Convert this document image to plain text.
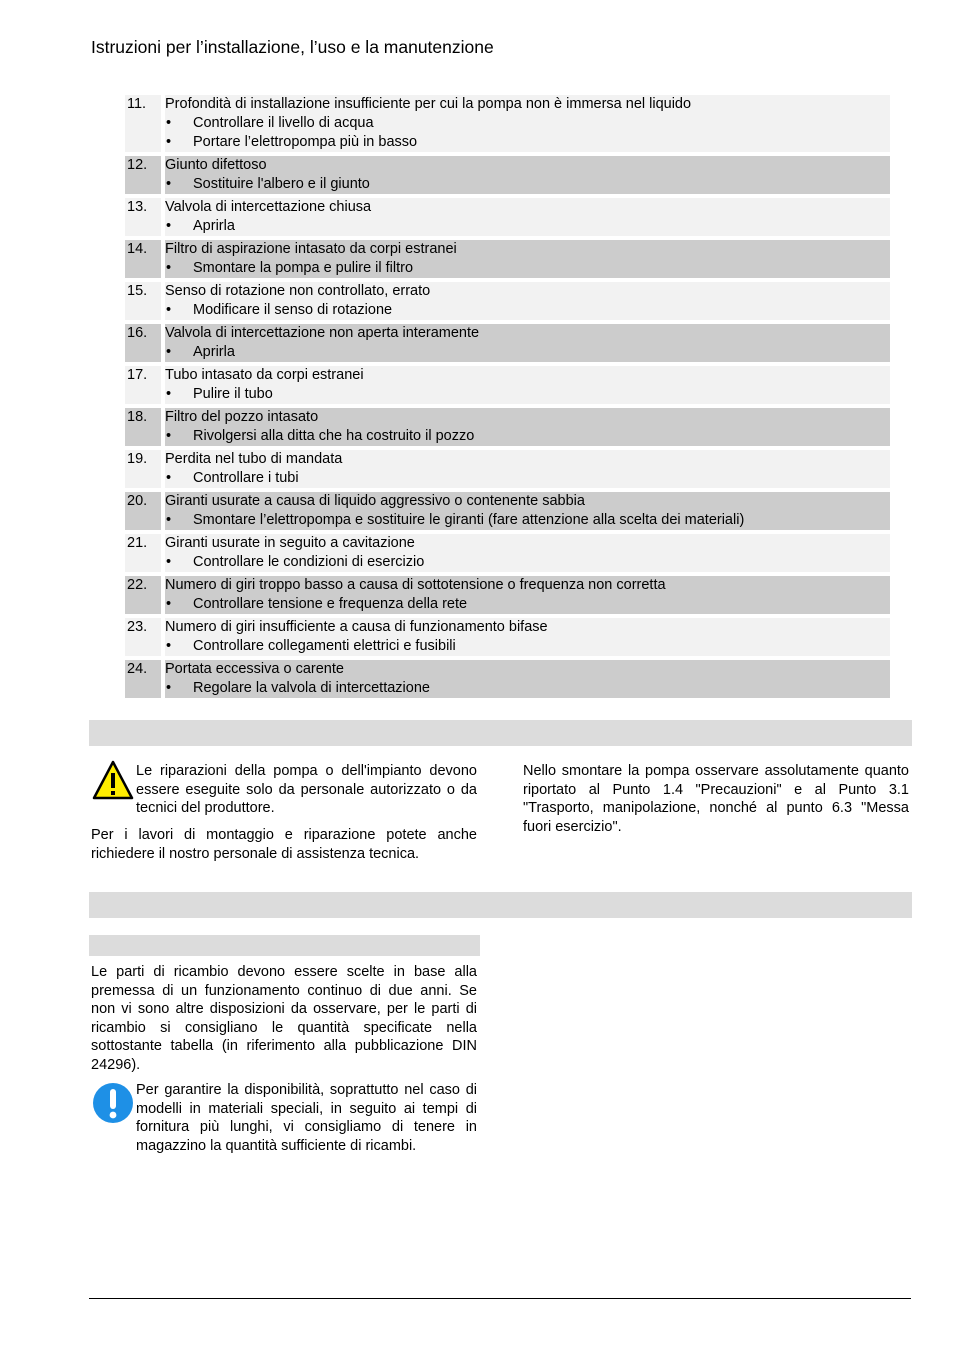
Istruzioni per l’installazione, l’uso e la manutenzione
11.	Profondità di installazione insufficiente per cui la pompa non è immersa nel liquido
•	Controllare il livello di acqua
•	Portare l’elettropompa più in basso
12.	Giunto difettoso
•	Sostituire l'albero e il giunto
13.	Valvola di intercettazione chiusa
•	Aprirla
14.	Filtro di aspirazione intasato da corpi estranei
•	Smontare la pompa e pulire il filtro
15.	Senso di rotazione non controllato, errato
•	Modificare il senso di rotazione
16.	Valvola di intercettazione non aperta interamente
•	Aprirla
17.	Tubo intasato da corpi estranei
•	Pulire il tubo
18.	Filtro del pozzo intasato
•	Rivolgersi alla ditta che ha costruito il pozzo
19.	Perdita nel tubo di mandata
•	Controllare i tubi
20.	Giranti usurate a causa di liquido aggressivo o contenente sabbia
•	Smontare l’elettropompa e sostituire le giranti (fare attenzione alla scelta dei materiali)
21.	Giranti usurate in seguito a cavitazione
•	Controllare le condizioni di esercizio
22.	Numero di giri troppo basso a causa di sottotensione o frequenza non corretta
•	Controllare tensione e frequenza della rete
23.	Numero di giri insufficiente a causa di funzionamento bifase
•	Controllare collegamenti elettrici e fusibili
24.	Portata eccessiva o carente
•	Regolare la valvola di intercettazione
Le riparazioni della pompa o dell'impianto devono essere eseguite solo da personale autorizzato o da tecnici del produttore.
Per i lavori di montaggio e riparazione potete anche richiedere il nostro personale di assistenza tecnica.
Nello smontare la pompa osservare assolutamente quanto riportato al Punto 1.4 "Precauzioni" e al Punto 3.1 "Trasporto, manipolazione, nonché al punto 6.3 "Messa fuori esercizio".
Le parti di ricambio devono essere scelte in base alla premessa di un funzionamento continuo di due anni. Se non vi sono altre disposizioni da osservare, per le parti di ricambio si consigliano le quantità specificate nella sottostante tabella (in riferimento alla pubblicazione DIN 24296).
Per garantire la disponibilità, soprattutto nel caso di modelli in materiali speciali, in seguito ai tempi di fornitura più lunghi, vi consigliamo di tenere in magazzino la quantità sufficiente di ricambi.
